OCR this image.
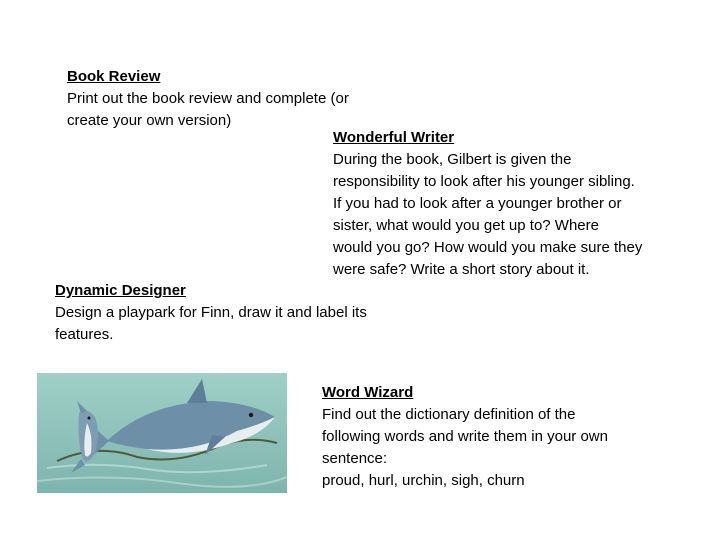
Book Review
Print out the book review and complete (or
create your own version)
Wonderful Writer
During the book, Gilbert is given the
responsibility to look after his younger sibling.
If you had to look after a younger brother or
sister, what would you get up to? Where
would you go? How would you make sure they
were safe? Write a short story about it.
Dynamic Designer
Design a playpark for Finn, draw it and label its
features.
Word Wizard
Find out the dictionary definition of the
following words and write them in your own
sentence:
proud, hurl, urchin, sigh, churn
